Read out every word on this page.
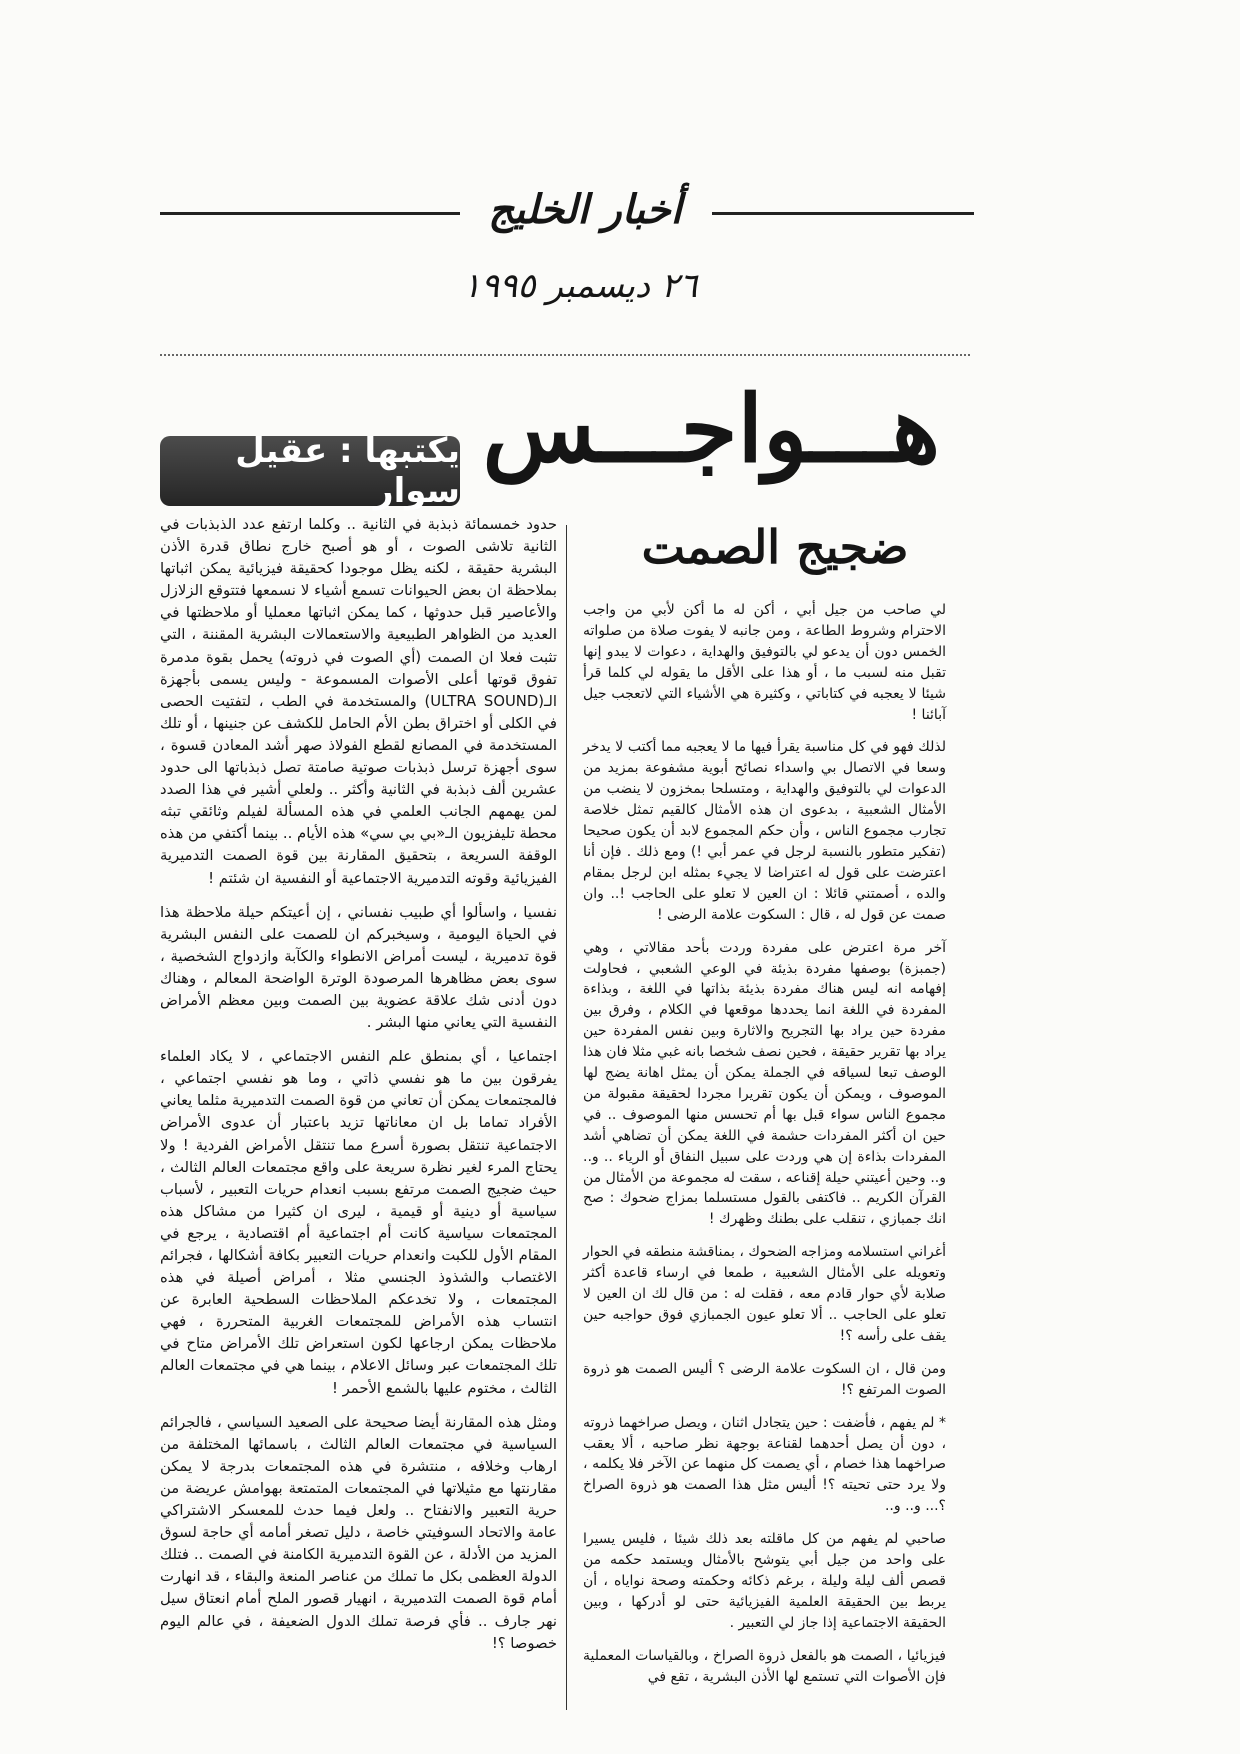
أخبار الخليج
٢٦ ديسمبر ١٩٩٥
هـــواجـــس
يكتبها : عقيل سوار
ضجيج الصمت

لي صاحب من جيل أبي ، أكن له ما أكن لأبي من واجب الاحترام وشروط الطاعة ، ومن جانبه لا يفوت صلاة من صلواته الخمس دون أن يدعو لي بالتوفيق والهداية ، دعوات لا يبدو إنها تقبل منه لسبب ما ، أو هذا على الأقل ما يقوله لي كلما قرأ شيئا لا يعجبه في كتاباتي ، وكثيرة هي الأشياء التي لاتعجب جيل آبائنا !

لذلك فهو في كل مناسبة يقرأ فيها ما لا يعجبه مما أكتب لا يدخر وسعا في الاتصال بي واسداء نصائح أبوية مشفوعة بمزيد من الدعوات لي بالتوفيق والهداية ، ومتسلحا بمخزون لا ينضب من الأمثال الشعبية ، بدعوى ان هذه الأمثال كالقيم تمثل خلاصة تجارب مجموع الناس ، وأن حكم المجموع لابد أن يكون صحيحا (تفكير متطور بالنسبة لرجل في عمر أبي !) ومع ذلك . فإن أنا اعترضت على قول له اعتراضا لا يجيء بمثله ابن لرجل بمقام والده ، أصمتني قائلا : ان العين لا تعلو على الحاجب !.. وان صمت عن قول له ، قال : السكوت علامة الرضى !

آخر مرة اعترض على مفردة وردت بأحد مقالاتي ، وهي (جمبزة) بوصفها مفردة بذيئة في الوعي الشعبي ، فحاولت إفهامه انه ليس هناك مفردة بذيئة بذاتها في اللغة ، وبذاءة المفردة في اللغة انما يحددها موقعها في الكلام ، وفرق بين مفردة حين يراد بها التجريح والاثارة وبين نفس المفردة حين يراد بها تقرير حقيقة ، فحين نصف شخصا بانه غبي مثلا فان هذا الوصف تبعا لسياقه في الجملة يمكن أن يمثل اهانة يضج لها الموصوف ، ويمكن أن يكون تقريرا مجردا لحقيقة مقبولة من مجموع الناس سواء قبل بها أم تحسس منها الموصوف .. في حين ان أكثر المفردات حشمة في اللغة يمكن أن تضاهي أشد المفردات بذاءة إن هي وردت على سبيل النفاق أو الرياء .. و.. و.. وحين أعيتني حيلة إقناعه ، سقت له مجموعة من الأمثال من القرآن الكريم .. فاكتفى بالقول مستسلما بمزاج ضحوك : صح انك جمبازي ، تنقلب على بطنك وظهرك !

أغراني استسلامه ومزاجه الضحوك ، بمناقشة منطقه في الحوار وتعويله على الأمثال الشعبية ، طمعا في ارساء قاعدة أكثر صلابة لأي حوار قادم معه ، فقلت له : من قال لك ان العين لا تعلو على الحاجب .. ألا تعلو عيون الجمبازي فوق حواجبه حين يقف على رأسه ؟!

ومن قال ، ان السكوت علامة الرضى ؟ أليس الصمت هو ذروة الصوت المرتفع ؟!

* لم يفهم ، فأضفت : حين يتجادل اثنان ، ويصل صراخهما ذروته ، دون أن يصل أحدهما لقناعة بوجهة نظر صاحبه ، ألا يعقب صراخهما هذا خصام ، أي يصمت كل منهما عن الآخر فلا يكلمه ، ولا يرد حتى تحيته ؟! أليس مثل هذا الصمت هو ذروة الصراخ ؟... و.. و..

صاحبي لم يفهم من كل ماقلته بعد ذلك شيئا ، فليس يسيرا على واحد من جيل أبي يتوشح بالأمثال ويستمد حكمه من قصص ألف ليلة وليلة ، برغم ذكائه وحكمته وصحة نواياه ، أن يربط بين الحقيقة العلمية الفيزيائية حتى لو أدركها ، وبين الحقيقة الاجتماعية إذا جاز لي التعبير .

فيزيائيا ، الصمت هو بالفعل ذروة الصراخ ، وبالقياسات المعملية فإن الأصوات التي تستمع لها الأذن البشرية ، تقع في

حدود خمسمائة ذبذبة في الثانية .. وكلما ارتفع عدد الذبذبات في الثانية تلاشى الصوت ، أو هو أصبح خارج نطاق قدرة الأذن البشرية حقيقة ، لكنه يظل موجودا كحقيقة فيزيائية يمكن اثباتها بملاحظة ان بعض الحيوانات تسمع أشياء لا نسمعها فتتوقع الزلازل والأعاصير قبل حدوثها ، كما يمكن اثباتها معمليا أو ملاحظتها في العديد من الظواهر الطبيعية والاستعمالات البشرية المقننة ، التي تثبت فعلا ان الصمت (أي الصوت في ذروته) يحمل بقوة مدمرة تفوق قوتها أعلى الأصوات المسموعة - وليس يسمى بأجهزة الـ(ULTRA SOUND) والمستخدمة في الطب ، لتفتيت الحصى في الكلى أو اختراق بطن الأم الحامل للكشف عن جنينها ، أو تلك المستخدمة في المصانع لقطع الفولاذ صهر أشد المعادن قسوة ، سوى أجهزة ترسل ذبذبات صوتية صامتة تصل ذبذباتها الى حدود عشرين ألف ذبذبة في الثانية وأكثر .. ولعلي أشير في هذا الصدد لمن يهمهم الجانب العلمي في هذه المسألة لفيلم وثائقي تبثه محطة تليفزيون الـ«بي بي سي» هذه الأيام .. بينما أكتفي من هذه الوقفة السريعة ، بتحقيق المقارنة بين قوة الصمت التدميرية الفيزيائية وقوته التدميرية الاجتماعية أو النفسية ان شئتم !

نفسيا ، واسألوا أي طبيب نفساني ، إن أعيتكم حيلة ملاحظة هذا في الحياة اليومية ، وسيخبركم ان للصمت على النفس البشرية قوة تدميرية ، ليست أمراض الانطواء والكآبة وازدواج الشخصية ، سوى بعض مظاهرها المرصودة الوترة الواضحة المعالم ، وهناك دون أدنى شك علاقة عضوية بين الصمت وبين معظم الأمراض النفسية التي يعاني منها البشر .

اجتماعيا ، أي بمنطق علم النفس الاجتماعي ، لا يكاد العلماء يفرقون بين ما هو نفسي ذاتي ، وما هو نفسي اجتماعي ، فالمجتمعات يمكن أن تعاني من قوة الصمت التدميرية مثلما يعاني الأفراد تماما بل ان معاناتها تزيد باعتبار أن عدوى الأمراض الاجتماعية تنتقل بصورة أسرع مما تنتقل الأمراض الفردية ! ولا يحتاج المرء لغير نظرة سريعة على واقع مجتمعات العالم الثالث ، حيث ضجيج الصمت مرتفع بسبب انعدام حريات التعبير ، لأسباب سياسية أو دينية أو قيمية ، ليرى ان كثيرا من مشاكل هذه المجتمعات سياسية كانت أم اجتماعية أم اقتصادية ، يرجع في المقام الأول للكبت وانعدام حريات التعبير بكافة أشكالها ، فجرائم الاغتصاب والشذوذ الجنسي مثلا ، أمراض أصيلة في هذه المجتمعات ، ولا تخدعكم الملاحظات السطحية العابرة عن انتساب هذه الأمراض للمجتمعات الغربية المتحررة ، فهي ملاحظات يمكن ارجاعها لكون استعراض تلك الأمراض متاح في تلك المجتمعات عبر وسائل الاعلام ، بينما هي في مجتمعات العالم الثالث ، مختوم عليها بالشمع الأحمر !

ومثل هذه المقارنة أيضا صحيحة على الصعيد السياسي ، فالجرائم السياسية في مجتمعات العالم الثالث ، باسمائها المختلفة من ارهاب وخلافه ، منتشرة في هذه المجتمعات بدرجة لا يمكن مقارنتها مع مثيلاتها في المجتمعات المتمتعة بهوامش عريضة من حرية التعبير والانفتاح .. ولعل فيما حدث للمعسكر الاشتراكي عامة والاتحاد السوفيتي خاصة ، دليل تصغر أمامه أي حاجة لسوق المزيد من الأدلة ، عن القوة التدميرية الكامنة في الصمت .. فتلك الدولة العظمى بكل ما تملك من عناصر المنعة والبقاء ، قد انهارت أمام قوة الصمت التدميرية ، انهيار قصور الملح أمام انعتاق سيل نهر جارف .. فأي فرصة تملك الدول الضعيفة ، في عالم اليوم خصوصا ؟!
